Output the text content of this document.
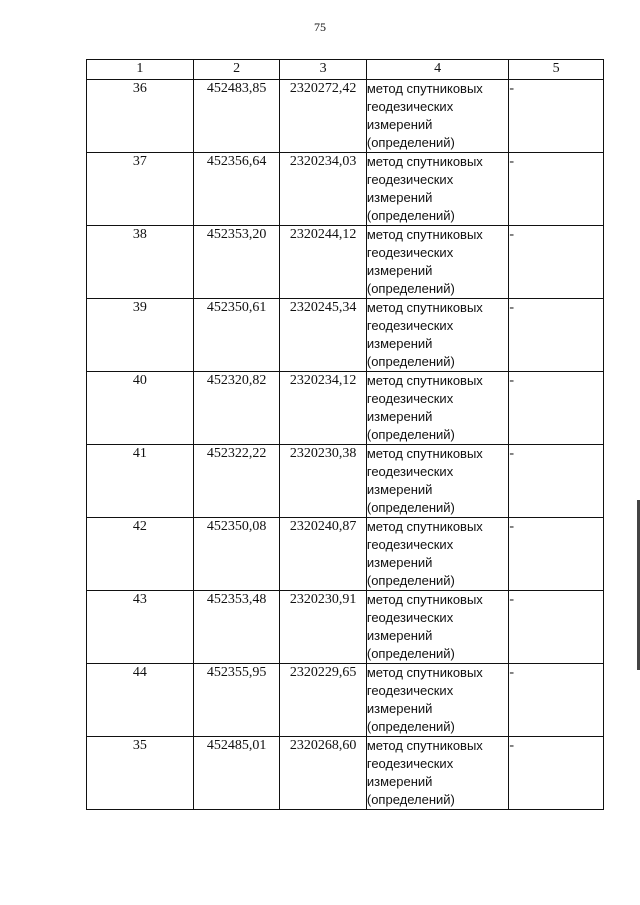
75
1	2	3	4	5
36	452483,85	2320272,42	метод спутниковых геодезических измерений (определений)	-
37	452356,64	2320234,03	метод спутниковых геодезических измерений (определений)	-
38	452353,20	2320244,12	метод спутниковых геодезических измерений (определений)	-
39	452350,61	2320245,34	метод спутниковых геодезических измерений (определений)	-
40	452320,82	2320234,12	метод спутниковых геодезических измерений (определений)	-
41	452322,22	2320230,38	метод спутниковых геодезических измерений (определений)	-
42	452350,08	2320240,87	метод спутниковых геодезических измерений (определений)	-
43	452353,48	2320230,91	метод спутниковых геодезических измерений (определений)	-
44	452355,95	2320229,65	метод спутниковых геодезических измерений (определений)	-
35	452485,01	2320268,60	метод спутниковых геодезических измерений (определений)	-
